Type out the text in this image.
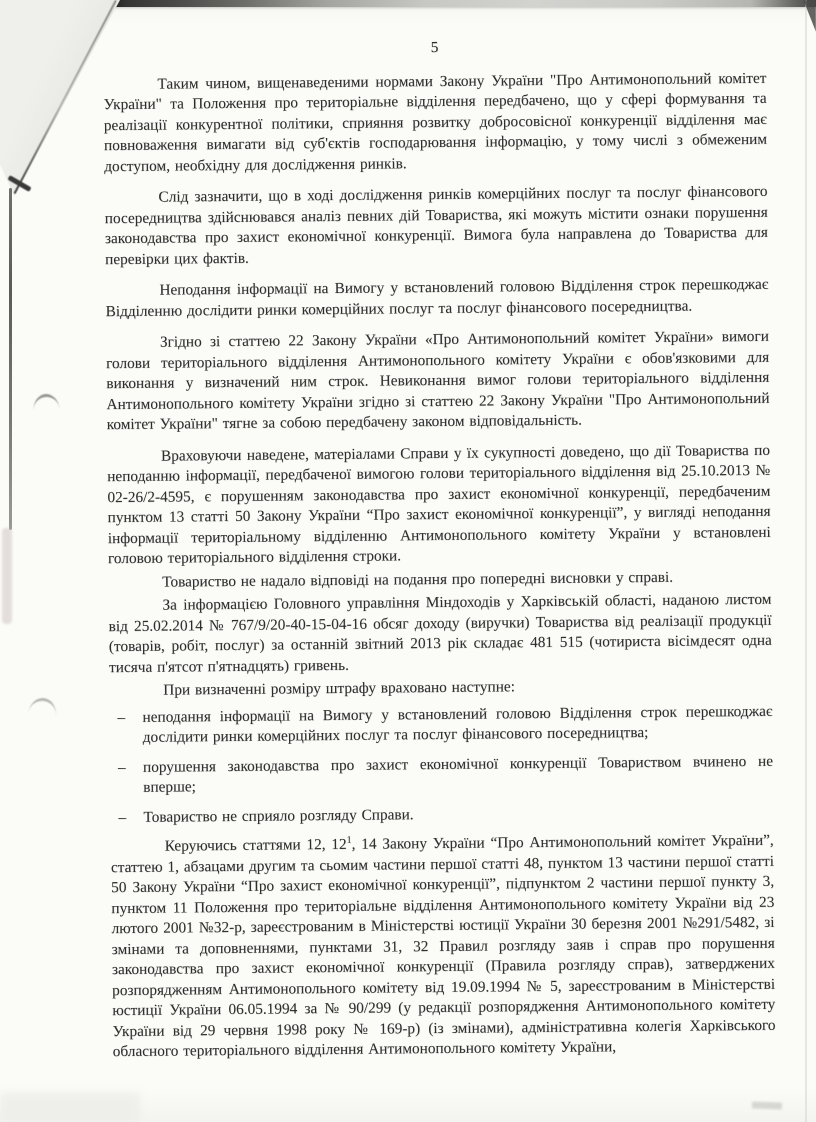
5

Таким чином, вищенаведеними нормами Закону України "Про Антимонопольний комітет України" та Положення про територіальне відділення передбачено, що у сфері формування та реалізації конкурентної політики, сприяння розвитку добросовісної конкуренції відділення має повноваження вимагати від суб'єктів господарювання інформацію, у тому числі з обмеженим доступом, необхідну для дослідження ринків.

Слід зазначити, що в ході дослідження ринків комерційних послуг та послуг фінансового посередництва здійснювався аналіз певних дій Товариства, які можуть містити ознаки порушення законодавства про захист економічної конкуренції. Вимога була направлена до Товариства для перевірки цих фактів.

Неподання інформації на Вимогу у встановлений головою Відділення строк перешкоджає Відділенню дослідити ринки комерційних послуг та послуг фінансового посередництва.

Згідно зі статтею 22 Закону України «Про Антимонопольний комітет України» вимоги голови територіального відділення Антимонопольного комітету України є обов'язковими для виконання у визначений ним строк. Невиконання вимог голови територіального відділення Антимонопольного комітету України згідно зі статтею 22 Закону України "Про Антимонопольний комітет України" тягне за собою передбачену законом відповідальність.

Враховуючи наведене, матеріалами Справи у їх сукупності доведено, що дії Товариства по неподанню інформації, передбаченої вимогою голови територіального відділення від 25.10.2013 № 02-26/2-4595, є порушенням законодавства про захист економічної конкуренції, передбаченим пунктом 13 статті 50 Закону України “Про захист економічної конкуренції”, у вигляді неподання інформації територіальному відділенню Антимонопольного комітету України у встановлені головою територіального відділення строки.

Товариство не надало відповіді на подання про попередні висновки у справі.

За інформацією Головного управління Міндоходів у Харківській області, наданою листом від 25.02.2014 № 767/9/20-40-15-04-16 обсяг доходу (виручки) Товариства від реалізації продукції (товарів, робіт, послуг) за останній звітний 2013 рік складає 481 515 (чотириста вісімдесят одна тисяча п'ятсот п'ятнадцять) гривень.

При визначенні розміру штрафу враховано наступне:

– неподання інформації на Вимогу у встановлений головою Відділення строк перешкоджає дослідити ринки комерційних послуг та послуг фінансового посередництва;
– порушення законодавства про захист економічної конкуренції Товариством вчинено не вперше;
– Товариство не сприяло розгляду Справи.

Керуючись статтями 12, $12^1$, 14 Закону України “Про Антимонопольний комітет України”, статтею 1, абзацами другим та сьомим частини першої статті 48, пунктом 13 частини першої статті 50 Закону України “Про захист економічної конкуренції”, підпунктом 2 частини першої пункту 3, пунктом 11 Положення про територіальне відділення Антимонопольного комітету України від 23 лютого 2001 №32-р, зареєстрованим в Міністерстві юстиції України 30 березня 2001 №291/5482, зі змінами та доповненнями, пунктами 31, 32 Правил розгляду заяв і справ про порушення законодавства про захист економічної конкуренції (Правила розгляду справ), затверджених розпорядженням Антимонопольного комітету від 19.09.1994 № 5, зареєстрованим в Міністерстві юстиції України 06.05.1994 за № 90/299 (у редакції розпорядження Антимонопольного комітету України від 29 червня 1998 року № 169-р) (із змінами), адміністративна колегія Харківського обласного територіального відділення Антимонопольного комітету України,
